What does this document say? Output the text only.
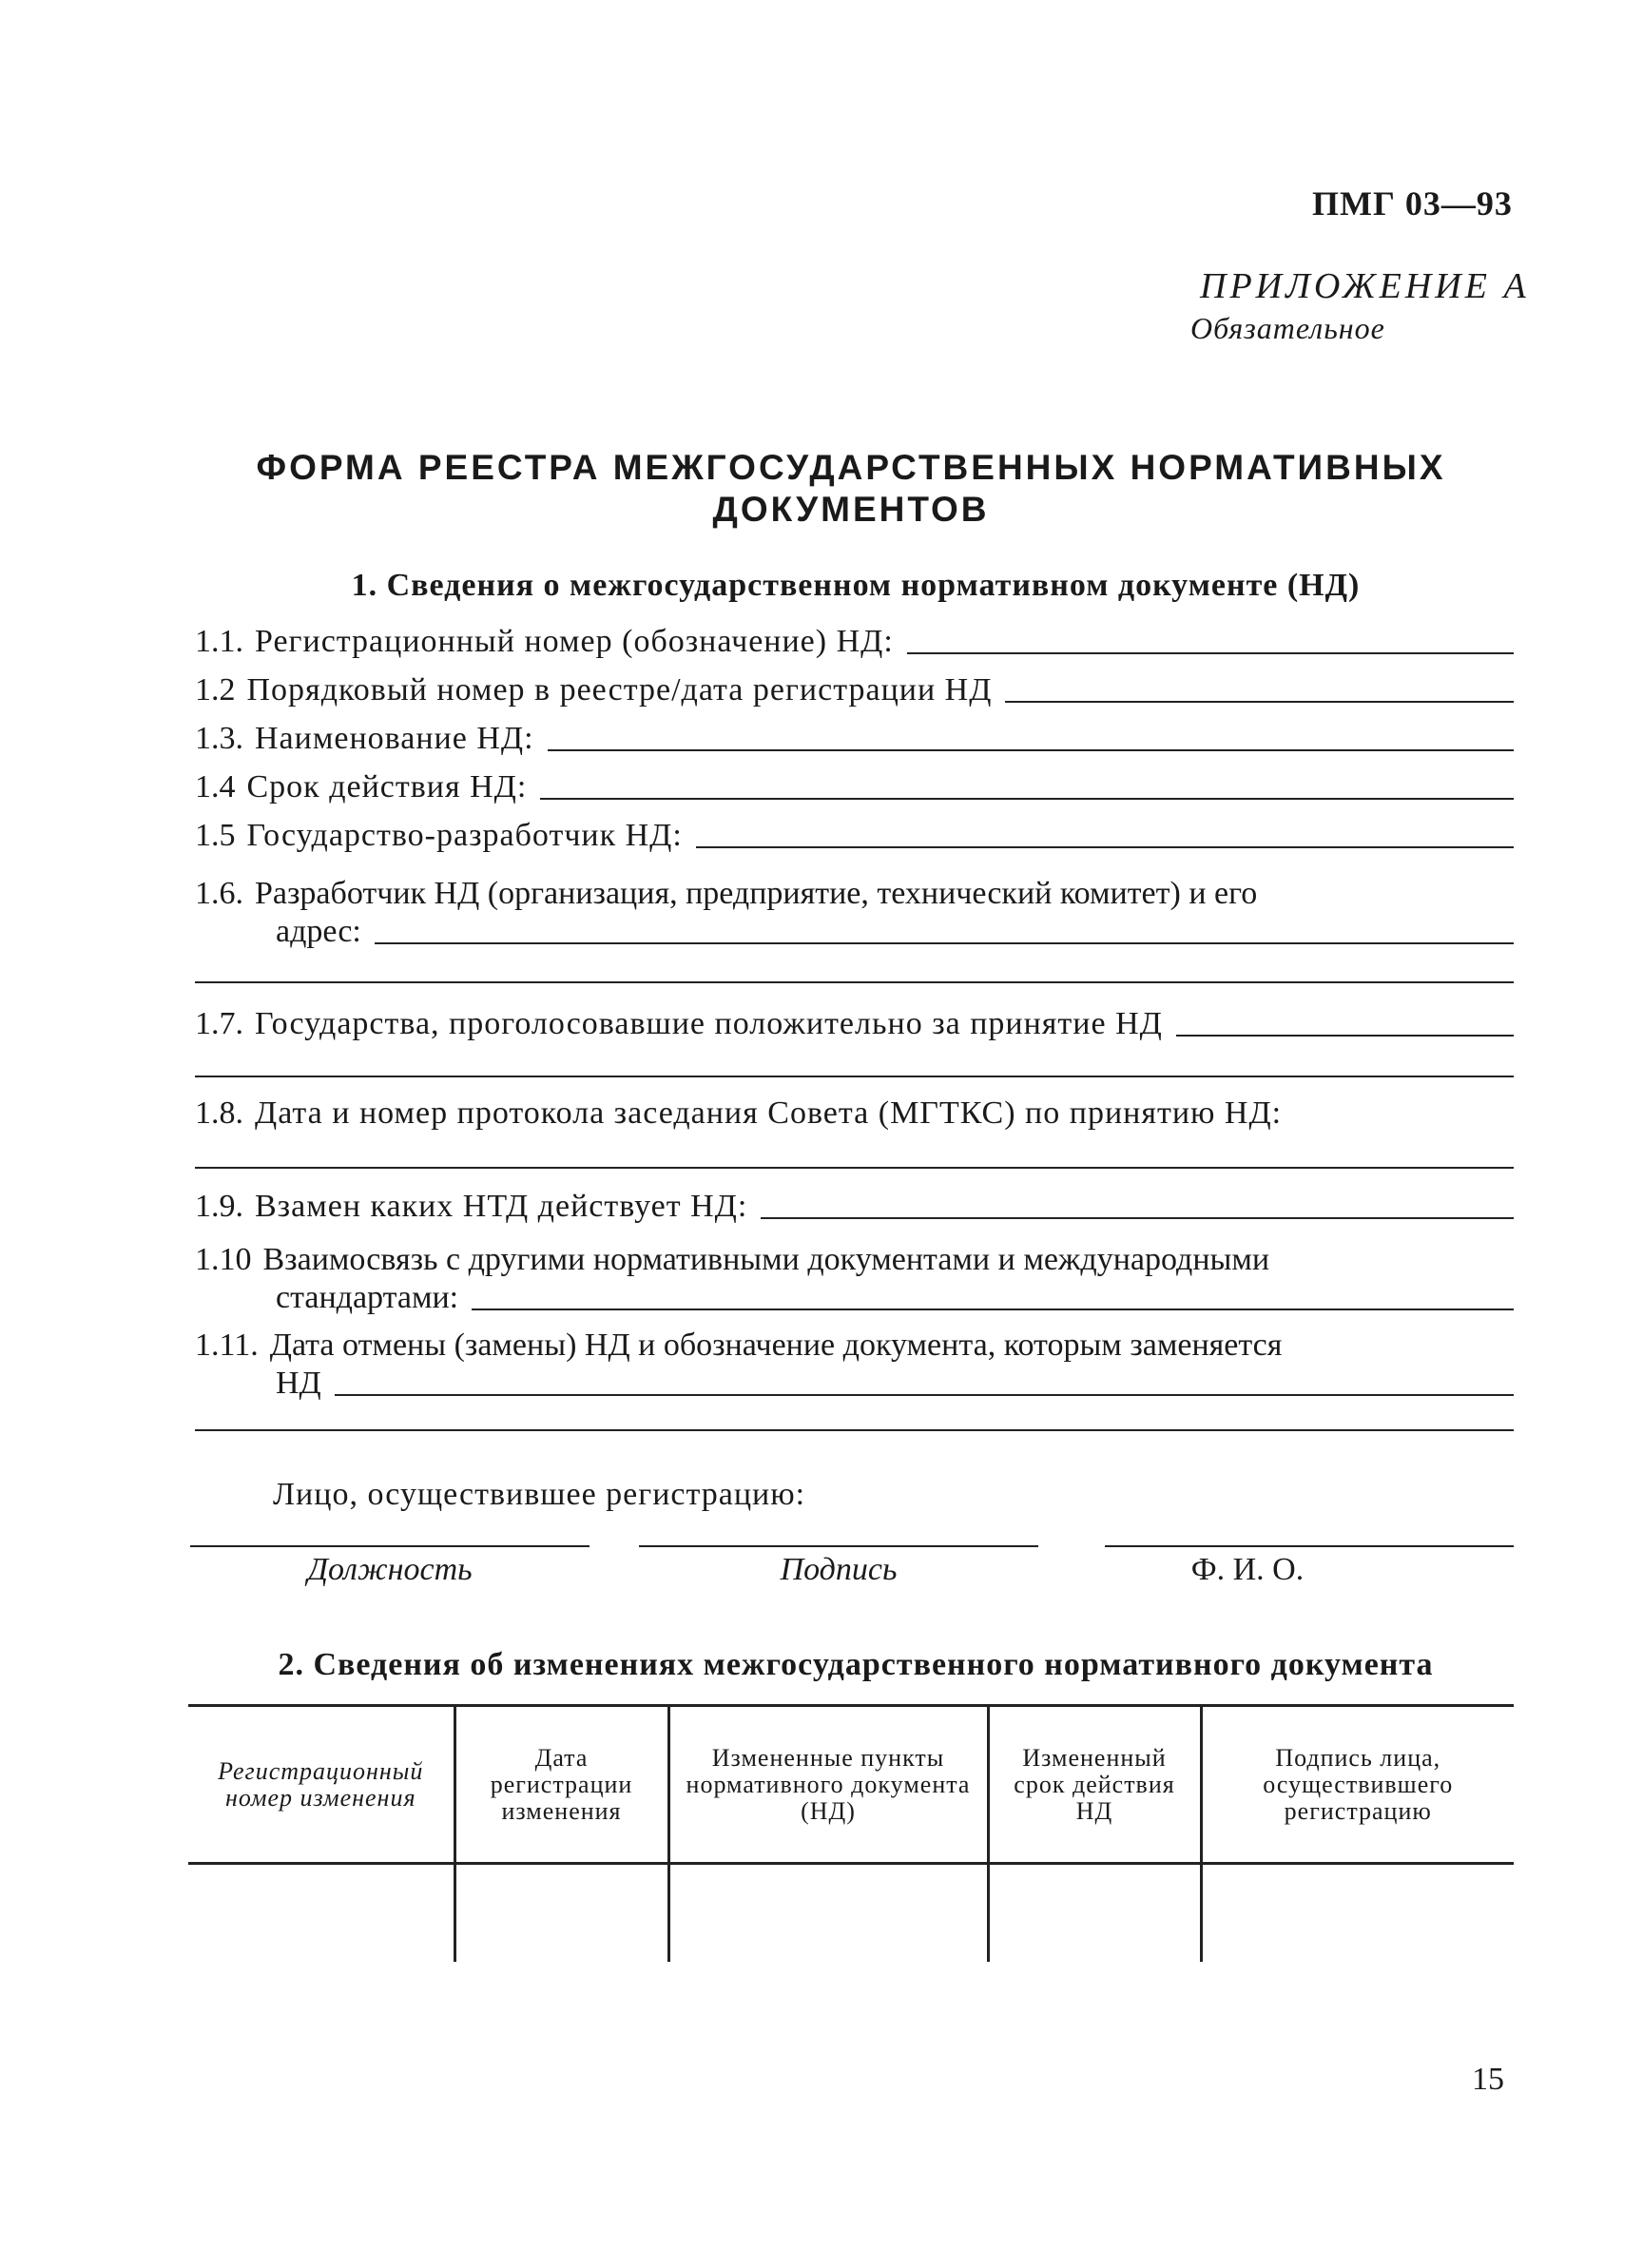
ПМГ 03—93
ПРИЛОЖЕНИЕ А
Обязательное
ФОРМА РЕЕСТРА МЕЖГОСУДАРСТВЕННЫХ НОРМАТИВНЫХ
ДОКУМЕНТОВ
1. Сведения о межгосударственном нормативном документе (НД)
1.1. Регистрационный номер (обозначение) НД:
1.2 Порядковый номер в реестре/дата регистрации НД
1.3. Наименование НД:
1.4 Срок действия НД:
1.5 Государство-разработчик НД:
1.6. Разработчик НД (организация, предприятие, технический комитет) и его
адрес:
1.7. Государства, проголосовавшие положительно за принятие НД
1.8. Дата и номер протокола заседания Совета (МГТКС) по принятию НД:
1.9. Взамен каких НТД действует НД:
1.10 Взаимосвязь с другими нормативными документами и международными
стандартами:
1.11. Дата отмены (замены) НД и обозначение документа, которым заменяется
НД
Лицо, осуществившее регистрацию:
Должность	Подпись	Ф. И. О.
2. Сведения об изменениях межгосударственного нормативного документа
Регистрационный номер изменения	Дата регистрации изменения	Измененные пункты нормативного документа (НД)	Измененный срок действия НД	Подпись лица, осуществившего регистрацию

15
